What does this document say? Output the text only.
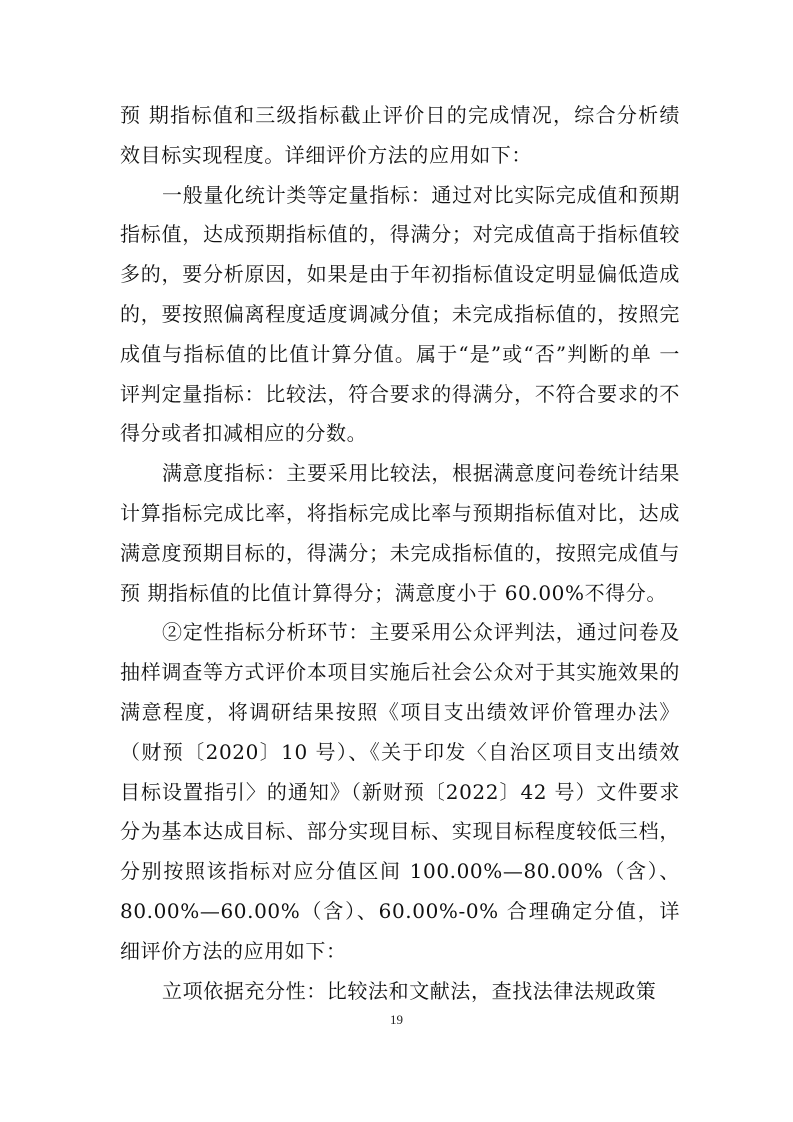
预 期指标值和三级指标截止评价日的完成情况，综合分析绩效目标实现程度。详细评价方法的应用如下：

一般量化统计类等定量指标：通过对比实际完成值和预期 指标值，达成预期指标值的，得满分；对完成值高于指标值较 多的，要分析原因，如果是由于年初指标值设定明显偏低造成的，要按照偏离程度适度调减分值；未完成指标值的，按照完成值与指标值的比值计算分值。属于“是”或“否”判断的单 一评判定量指标：比较法，符合要求的得满分，不符合要求的不得分或者扣减相应的分数。

满意度指标：主要采用比较法，根据满意度问卷统计结果计算指标完成比率，将指标完成比率与预期指标值对比，达成满意度预期目标的，得满分；未完成指标值的，按照完成值与预 期指标值的比值计算得分；满意度小于 60.00%不得分。

②定性指标分析环节：主要采用公众评判法，通过问卷及 抽样调查等方式评价本项目实施后社会公众对于其实施效果的满意程度，将调研结果按照《项目支出绩效评价管理办法》（财预〔2020〕10 号）、《关于印发〈自治区项目支出绩效目标设置指引〉的通知》（新财预〔2022〕42 号）文件要求分为基本达成目标、部分实现目标、实现目标程度较低三档，分别按照该指标对应分值区间 100.00%—80.00%（含）、80.00%—60.00%（含）、60.00%-0% 合理确定分值，详细评价方法的应用如下：

立项依据充分性：比较法和文献法，查找法律法规政策

19
